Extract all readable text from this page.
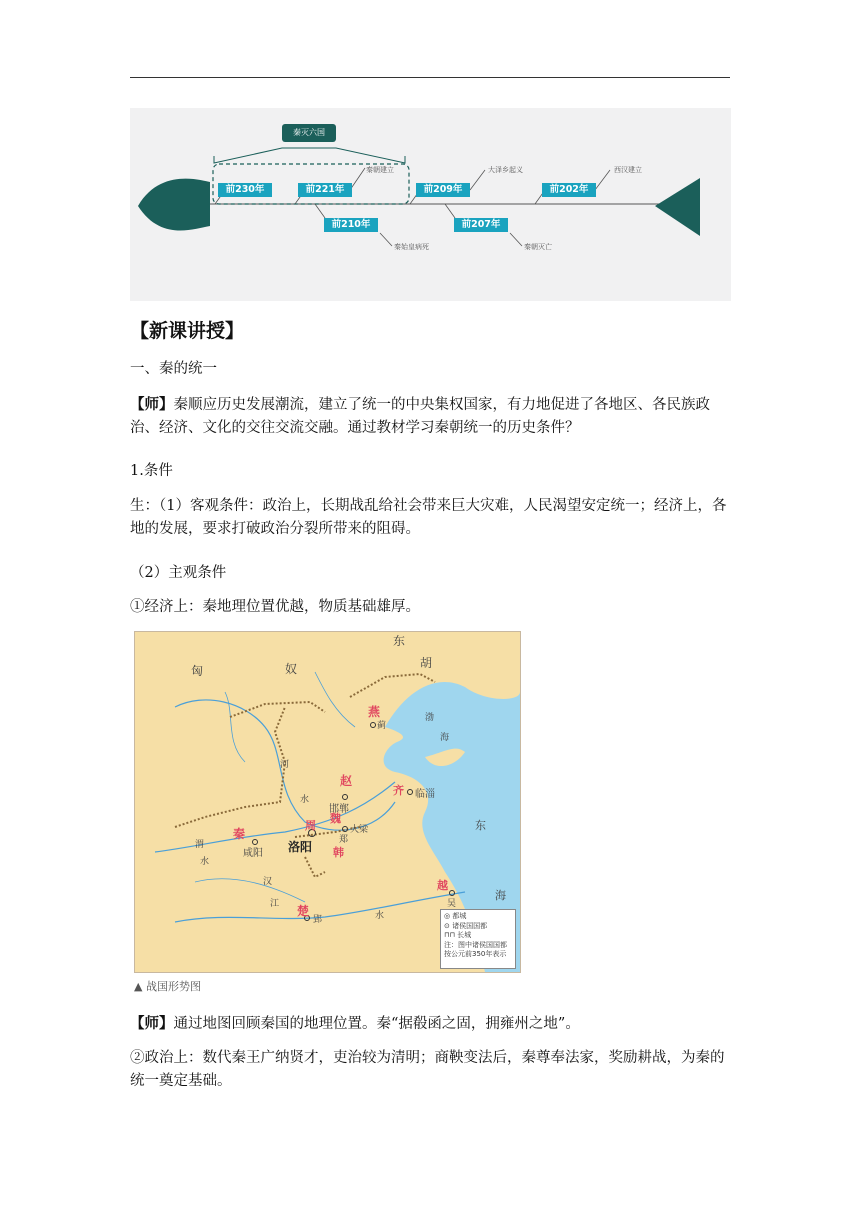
秦灭六国
前230年	前221年
前210年
前209年
前207年
前202年
秦朝建立
秦始皇病死
大泽乡起义
秦朝灭亡
西汉建立
【新课讲授】
一、秦的统一
【师】秦顺应历史发展潮流，建立了统一的中央集权国家，有力地促进了各地区、各民族政治、经济、文化的交往交流交融。通过教材学习秦朝统一的历史条件？
1.条件
生：（1）客观条件：政治上，长期战乱给社会带来巨大灾难，人民渴望安定统一；经济上，各地的发展，要求打破政治分裂所带来的阻碍。
（2）主观条件
①经济上：秦地理位置优越，物质基础雄厚。
匈	奴
东
胡
渤
海
东
海
燕
赵
齐
秦
周
魏
韩
楚
越
蓟
邯郸
临淄
大梁
郑
咸阳 洛阳
郢
吴
河
水
渭
水
汉
江
水	◎ 都城
⊙ 诸侯国国都
⊓⊓ 长城
注：图中诸侯国国都
按公元前350年表示
▲ 战国形势图
【师】通过地图回顾秦国的地理位置。秦“据殽函之固，拥雍州之地”。
②政治上：数代秦王广纳贤才，吏治较为清明；商鞅变法后，秦尊奉法家，奖励耕战，为秦的统一奠定基础。
